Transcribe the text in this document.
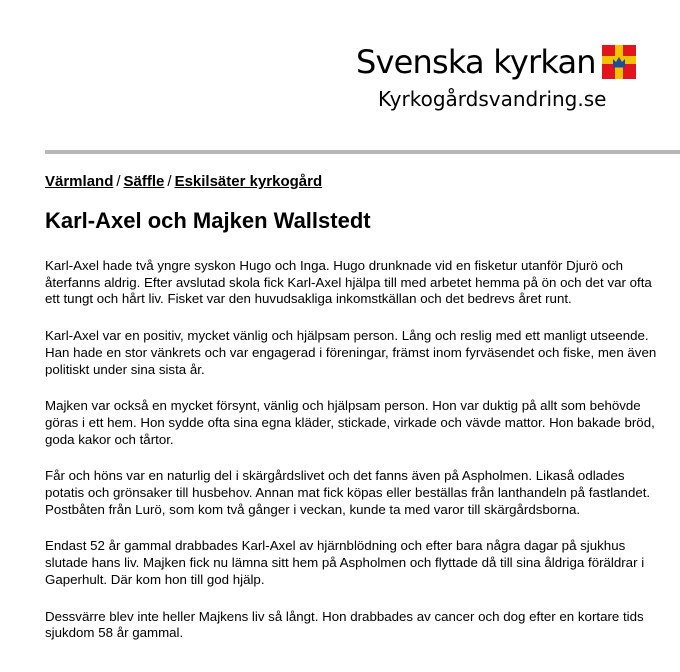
Svenska kyrkan
Kyrkogårdsvandring.se
Värmland / Säffle / Eskilsäter kyrkogård
Karl-Axel och Majken Wallstedt

Karl-Axel hade två yngre syskon Hugo och Inga. Hugo drunknade vid en fisketur utanför Djurö och återfanns aldrig. Efter avslutad skola fick Karl-Axel hjälpa till med arbetet hemma på ön och det var ofta ett tungt och hårt liv. Fisket var den huvudsakliga inkomstkällan och det bedrevs året runt.

Karl-Axel var en positiv, mycket vänlig och hjälpsam person. Lång och reslig med ett manligt utseende. Han hade en stor vänkrets och var engagerad i föreningar, främst inom fyrväsendet och fiske, men även politiskt under sina sista år.

Majken var också en mycket försynt, vänlig och hjälpsam person. Hon var duktig på allt som behövde göras i ett hem. Hon sydde ofta sina egna kläder, stickade, virkade och vävde mattor. Hon bakade bröd, goda kakor och tårtor.

Får och höns var en naturlig del i skärgårdslivet och det fanns även på Aspholmen. Likaså odlades potatis och grönsaker till husbehov. Annan mat fick köpas eller beställas från lanthandeln på fastlandet. Postbåten från Lurö, som kom två gånger i veckan, kunde ta med varor till skärgårdsborna.

Endast 52 år gammal drabbades Karl-Axel av hjärnblödning och efter bara några dagar på sjukhus slutade hans liv. Majken fick nu lämna sitt hem på Aspholmen och flyttade då till sina åldriga föräldrar i Gaperhult. Där kom hon till god hjälp.

Dessvärre blev inte heller Majkens liv så långt. Hon drabbades av cancer och dog efter en kortare tids sjukdom 58 år gammal.
